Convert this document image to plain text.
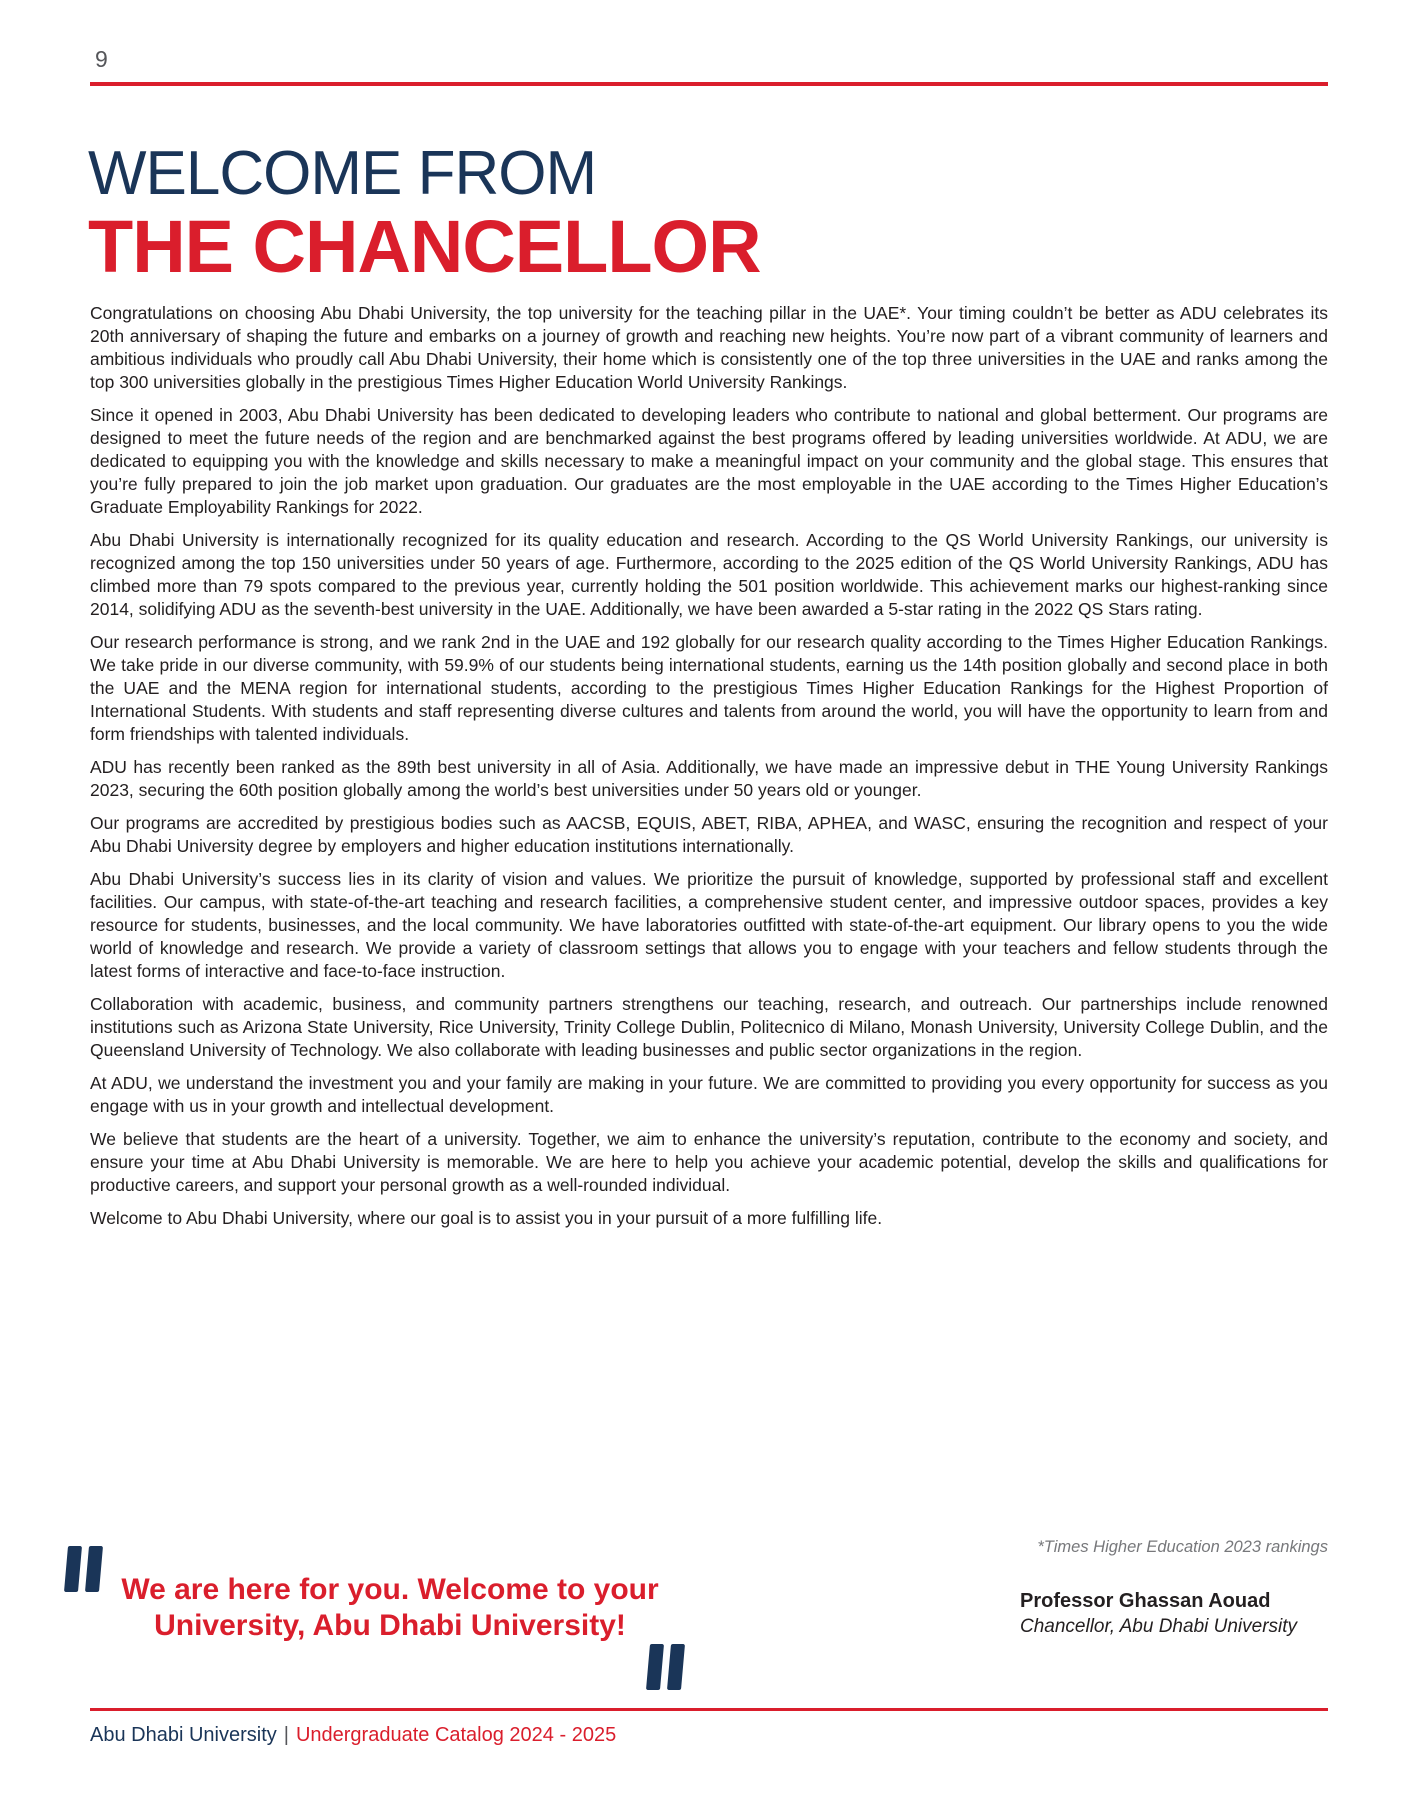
9
WELCOME FROM
THE CHANCELLOR

Congratulations on choosing Abu Dhabi University, the top university for the teaching pillar in the UAE*. Your timing couldn’t be better as ADU celebrates its 20th anniversary of shaping the future and embarks on a journey of growth and reaching new heights. You’re now part of a vibrant community of learners and ambitious individuals who proudly call Abu Dhabi University, their home which is consistently one of the top three universities in the UAE and ranks among the top 300 universities globally in the prestigious Times Higher Education World University Rankings.

Since it opened in 2003, Abu Dhabi University has been dedicated to developing leaders who contribute to national and global betterment. Our programs are designed to meet the future needs of the region and are benchmarked against the best programs offered by leading universities worldwide. At ADU, we are dedicated to equipping you with the knowledge and skills necessary to make a meaningful impact on your community and the global stage. This ensures that you’re fully prepared to join the job market upon graduation. Our graduates are the most employable in the UAE according to the Times Higher Education’s Graduate Employability Rankings for 2022.

Abu Dhabi University is internationally recognized for its quality education and research. According to the QS World University Rankings, our university is recognized among the top 150 universities under 50 years of age. Furthermore, according to the 2025 edition of the QS World University Rankings, ADU has climbed more than 79 spots compared to the previous year, currently holding the 501 position worldwide. This achievement marks our highest-ranking since 2014, solidifying ADU as the seventh-best university in the UAE. Additionally, we have been awarded a 5-star rating in the 2022 QS Stars rating.

Our research performance is strong, and we rank 2nd in the UAE and 192 globally for our research quality according to the Times Higher Education Rankings. We take pride in our diverse community, with 59.9% of our students being international students, earning us the 14th position globally and second place in both the UAE and the MENA region for international students, according to the prestigious Times Higher Education Rankings for the Highest Proportion of International Students. With students and staff representing diverse cultures and talents from around the world, you will have the opportunity to learn from and form friendships with talented individuals.

ADU has recently been ranked as the 89th best university in all of Asia. Additionally, we have made an impressive debut in THE Young University Rankings 2023, securing the 60th position globally among the world’s best universities under 50 years old or younger.

Our programs are accredited by prestigious bodies such as AACSB, EQUIS, ABET, RIBA, APHEA, and WASC, ensuring the recognition and respect of your Abu Dhabi University degree by employers and higher education institutions internationally.

Abu Dhabi University’s success lies in its clarity of vision and values. We prioritize the pursuit of knowledge, supported by professional staff and excellent facilities. Our campus, with state-of-the-art teaching and research facilities, a comprehensive student center, and impressive outdoor spaces, provides a key resource for students, businesses, and the local community. We have laboratories outfitted with state-of-the-art equipment. Our library opens to you the wide world of knowledge and research. We provide a variety of classroom settings that allows you to engage with your teachers and fellow students through the latest forms of interactive and face-to-face instruction.

Collaboration with academic, business, and community partners strengthens our teaching, research, and outreach. Our partnerships include renowned institutions such as Arizona State University, Rice University, Trinity College Dublin, Politecnico di Milano, Monash University, University College Dublin, and the Queensland University of Technology. We also collaborate with leading businesses and public sector organizations in the region.

At ADU, we understand the investment you and your family are making in your future. We are committed to providing you every opportunity for success as you engage with us in your growth and intellectual development.

We believe that students are the heart of a university. Together, we aim to enhance the university’s reputation, contribute to the economy and society, and ensure your time at Abu Dhabi University is memorable. We are here to help you achieve your academic potential, develop the skills and qualifications for productive careers, and support your personal growth as a well-rounded individual.

Welcome to Abu Dhabi University, where our goal is to assist you in your pursuit of a more fulfilling life.

*Times Higher Education 2023 rankings
We are here for you. Welcome to your
University, Abu Dhabi University!
Professor Ghassan Aouad
Chancellor, Abu Dhabi University
Abu Dhabi University | Undergraduate Catalog 2024 - 2025
